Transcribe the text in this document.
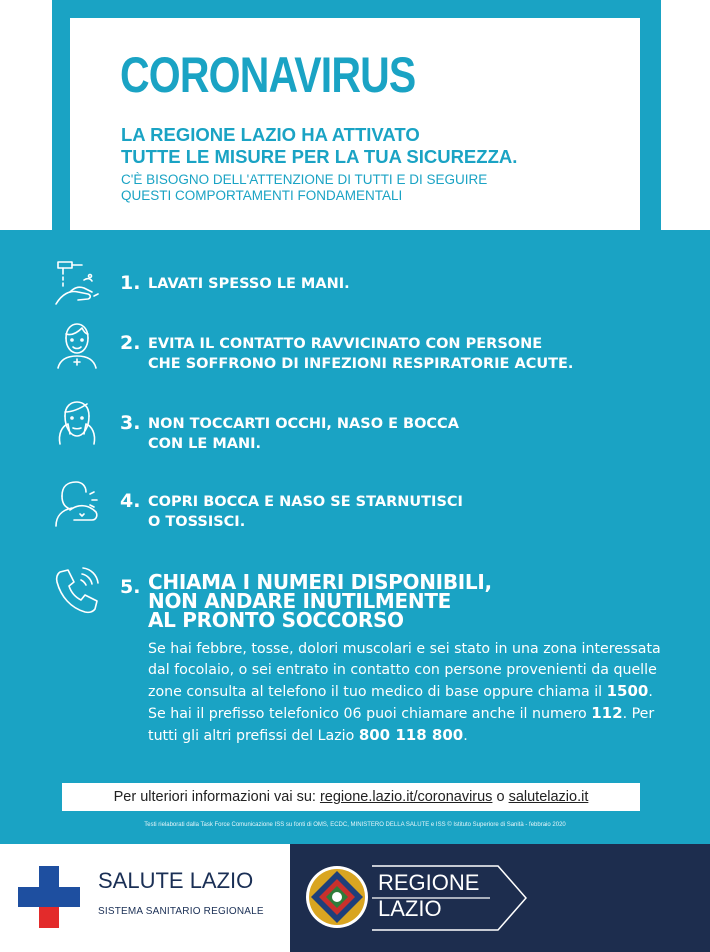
CORONAVIRUS
LA REGIONE LAZIO HA ATTIVATO
TUTTE LE MISURE PER LA TUA SICUREZZA.
C'È BISOGNO DELL'ATTENZIONE DI TUTTI E DI SEGUIRE
QUESTI COMPORTAMENTI FONDAMENTALI
1. LAVATI SPESSO LE MANI.
2. EVITA IL CONTATTO RAVVICINATO CON PERSONE
CHE SOFFRONO DI INFEZIONI RESPIRATORIE ACUTE.
3. NON TOCCARTI OCCHI, NASO E BOCCA
CON LE MANI.
4. COPRI BOCCA E NASO SE STARNUTISCI
O TOSSISCI.
5. CHIAMA I NUMERI DISPONIBILI,
NON ANDARE INUTILMENTE
AL PRONTO SOCCORSO
Se hai febbre, tosse, dolori muscolari e sei stato in una zona interessata dal focolaio, o sei entrato in contatto con persone provenienti da quelle zone consulta al telefono il tuo medico di base oppure chiama il 1500. Se hai il prefisso telefonico 06 puoi chiamare anche il numero 112. Per tutti gli altri prefissi del Lazio 800 118 800.
Per ulteriori informazioni vai su: regione.lazio.it/coronavirus o salutelazio.it
Testi rielaborati dalla Task Force Comunicazione ISS su fonti di OMS, ECDC, MINISTERO DELLA SALUTE e ISS © Istituto Superiore di Sanità - febbraio 2020
SALUTE LAZIO
SISTEMA SANITARIO REGIONALE
REGIONE
LAZIO
